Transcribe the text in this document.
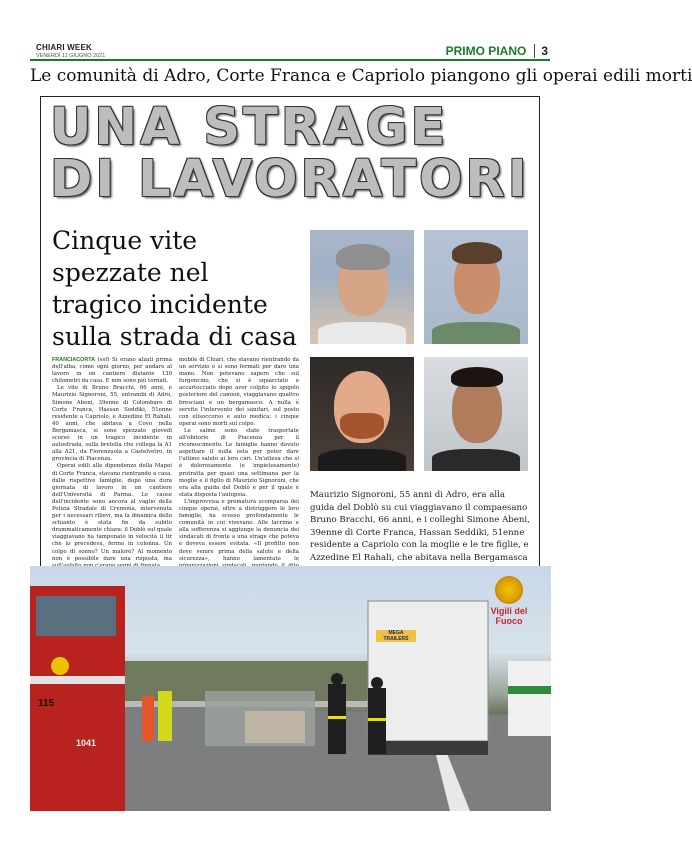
CHIARI WEEK
VENERDÌ 11 GIUGNO 2021	PRIMO PIANO	3
Le comunità di Adro, Corte Franca e Capriolo piangono gli operai edili morti
UNA STRAGE
DI LAVORATORI
Cinque vite spezzate nel tragico incidente sulla strada di casa

FRANCIACORTA (ssf) Si erano alzati prima dell'alba, come ogni giorno, per andare al lavoro in un cantiere distante 130 chilometri da casa. E non sono più tornati.

Le vite di Bruno Bracchi, 66 anni, e Maurizio Signoroni, 55, entrambi di Adro, Simone Abeni, 39enne di Colombaro di Corte Franca, Hassan Seddiki, 51enne residente a Capriolo, e Azzedine El Rahali, 40 anni, che abitava a Covo nella Bergamasca, si sono spezzate giovedì scorso in un tragico incidente in autostrada, sulla bretella che collega la A1 alla A21, da Fiorenzuola a Castelvetro, in provincia di Piacenza.

Operai edili alle dipendenze della Mapei di Corte Franca, stavano rientrando a casa, dalle rispettive famiglie, dopo una dura giornata di lavoro in un cantiere dell'Università di Parma. Le cause dell'incidente sono ancora al vaglio della Polizia Stradale di Cremona, intervenuta per i necessari rilievi, ma la dinamica dello schianto è stata fin da subito drammaticamente chiara: il Doblò sul quale viaggiavano ha tamponato in velocità il tir che lo precedeva, fermo in colonna. Un colpo di sonno? Un malore? Al momento non è possibile dare una risposta, ma

mobile di Chiari, che stavano rientrando da un servizio e si sono fermati per dare una mano. Non potevano sapere che sul furgoncino, che si è squarciato e accartocciato dopo aver colpito lo spigolo posteriore del camion, viaggiavano quattro bresciani e un bergamasco. A nulla è servito l'intervento dei sanitari, sul posto con elisoccorso e auto medica: i cinque operai sono morti sul colpo.

Le salme sono state trasportate all'obitorio di Piacenza per il riconoscimento. Le famiglie hanno dovuto aspettare il nulla osta per poter dare l'ultimo saluto ai loro cari. Un'attesa che si è dolorosamente (e impietosamente) protratta per quasi una settimana per la moglie e il figlio di Maurizio Signoroni, che era alla guida del Doblò e per il quale è stata disposta l'autopsia.

L'improvvisa e prematura scomparsa dei cinque operai, oltre a distruggere le loro famiglie, ha scosso profondamente le comunità in cui vivevano. Alle lacrime e alla sofferenza si aggiunge la denuncia dei sindacati di fronte a una strage che poteva e doveva essere evitata. «Il profitto non deve venire prima della salute e della sicurezza», hanno lamentato le

Maurizio Signoroni, 55 anni di Adro, era alla guida del Doblò su cui viaggiavano il compaesano Bruno Bracchi, 66 anni, e i colleghi Simone Abeni, 39enne di Corte Franca, Hassan Seddiki, 51enne residente a Capriolo con la moglie e le tre figlie, e Azzedine El Rahali, che abitava nella Bergamasca
115
1041
MEGA TRAILERS
Vigili del Fuoco
